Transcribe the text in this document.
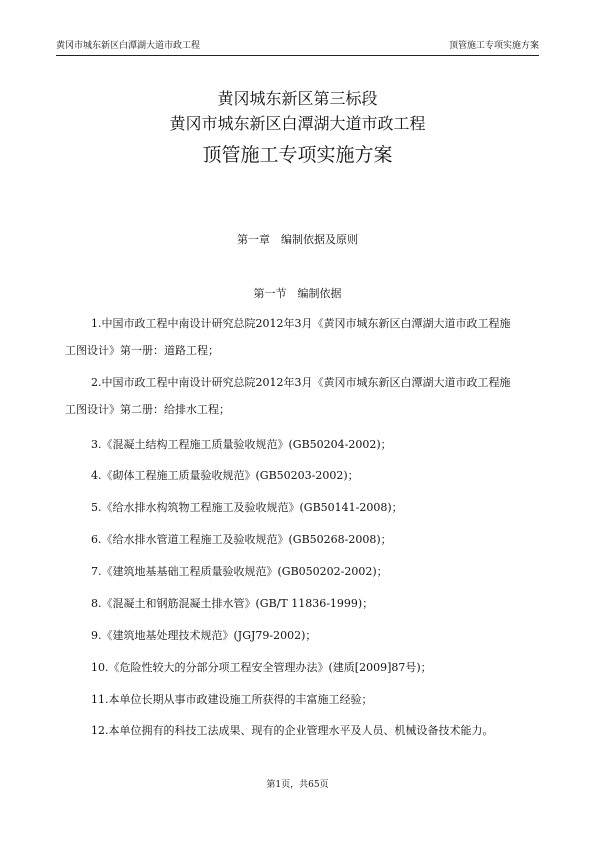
黄冈市城东新区白潭湖大道市政工程	顶管施工专项实施方案
黄冈城东新区第三标段
黄冈市城东新区白潭湖大道市政工程
顶管施工专项实施方案
第一章　编制依据及原则
第一节　编制依据
1.中国市政工程中南设计研究总院2012年3月《黄冈市城东新区白潭湖大道市政工程施
工图设计》第一册：道路工程；
2.中国市政工程中南设计研究总院2012年3月《黄冈市城东新区白潭湖大道市政工程施
工图设计》第二册：给排水工程；
3.《混凝土结构工程施工质量验收规范》(GB50204-2002)；
4.《砌体工程施工质量验收规范》(GB50203-2002)；
5.《给水排水构筑物工程施工及验收规范》(GB50141-2008)；
6.《给水排水管道工程施工及验收规范》(GB50268-2008)；
7.《建筑地基基础工程质量验收规范》(GB050202-2002)；
8.《混凝土和钢筋混凝土排水管》(GB/T 11836-1999)；
9.《建筑地基处理技术规范》(JGJ79-2002)；
10.《危险性较大的分部分项工程安全管理办法》(建质[2009]87号)；
11.本单位长期从事市政建设施工所获得的丰富施工经验；
12.本单位拥有的科技工法成果、现有的企业管理水平及人员、机械设备技术能力。
第1页，共65页
